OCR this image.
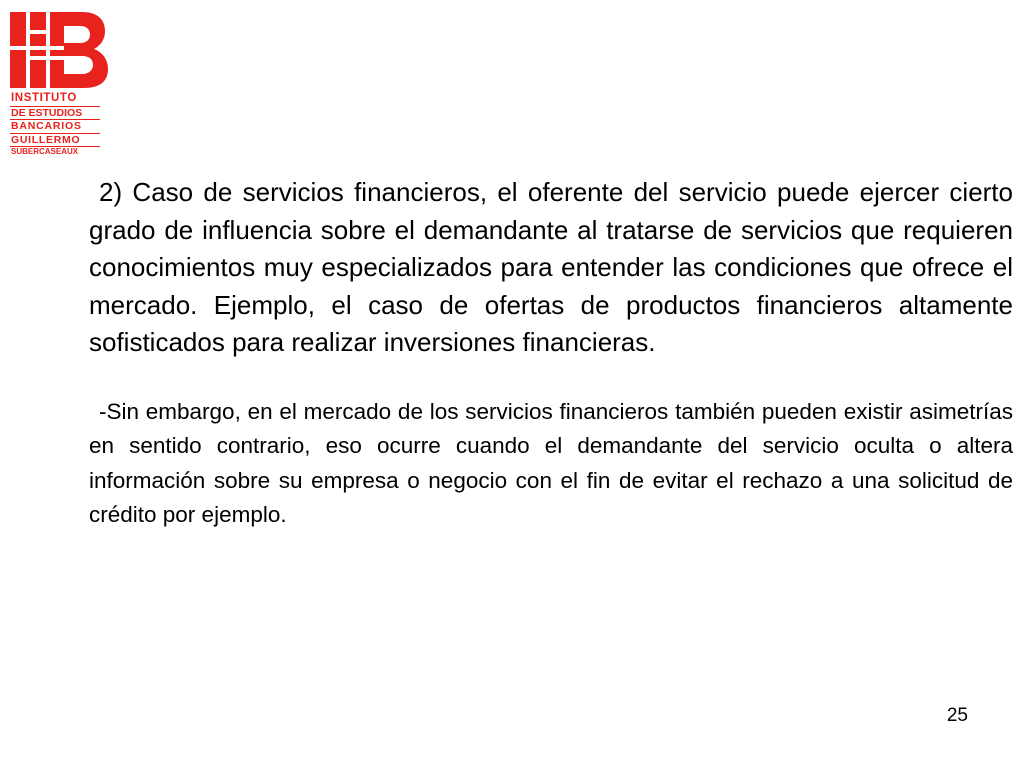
INSTITUTO
DE ESTUDIOS
BANCARIOS
GUILLERMO
SUBERCASEAUX

2) Caso de servicios financieros, el oferente del servicio puede ejercer cierto grado de influencia sobre el demandante al tratarse de servicios que requieren conocimientos muy especializados para entender las condiciones que ofrece el mercado. Ejemplo, el caso de ofertas de productos financieros altamente sofisticados para realizar inversiones financieras.

-Sin embargo, en el mercado de los servicios financieros también pueden existir asimetrías en sentido contrario, eso ocurre cuando el demandante del servicio oculta o altera información sobre su empresa o negocio con el fin de evitar el rechazo a una solicitud de crédito por ejemplo.

25
